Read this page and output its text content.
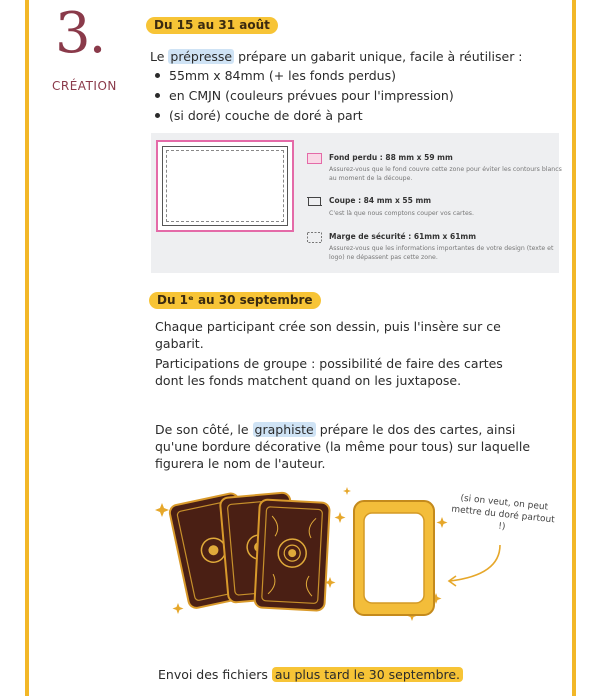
3.
CRÉATION
Du 15 au 31 août
Le prépresse prépare un gabarit unique, facile à réutiliser :
55mm x 84mm (+ les fonds perdus)
en CMJN (couleurs prévues pour l'impression)
(si doré) couche de doré à part
Fond perdu : 88 mm x 59 mm
Assurez-vous que le fond couvre cette zone pour éviter les contours blancs au moment de la découpe.
Coupe : 84 mm x 55 mm
C'est là que nous comptons couper vos cartes.
Marge de sécurité : 61mm x 61mm
Assurez-vous que les informations importantes de votre design (texte et logo) ne dépassent pas cette zone.
Du 1ᵉ au 30 septembre
Chaque participant crée son dessin, puis l'insère sur ce gabarit.
Participations de groupe : possibilité de faire des cartes dont les fonds matchent quand on les juxtapose.
De son côté, le graphiste prépare le dos des cartes, ainsi qu'une bordure décorative (la même pour tous) sur laquelle figurera le nom de l'auteur.
(si on veut, on peut mettre du doré partout !)
Envoi des fichiers au plus tard le 30 septembre.
